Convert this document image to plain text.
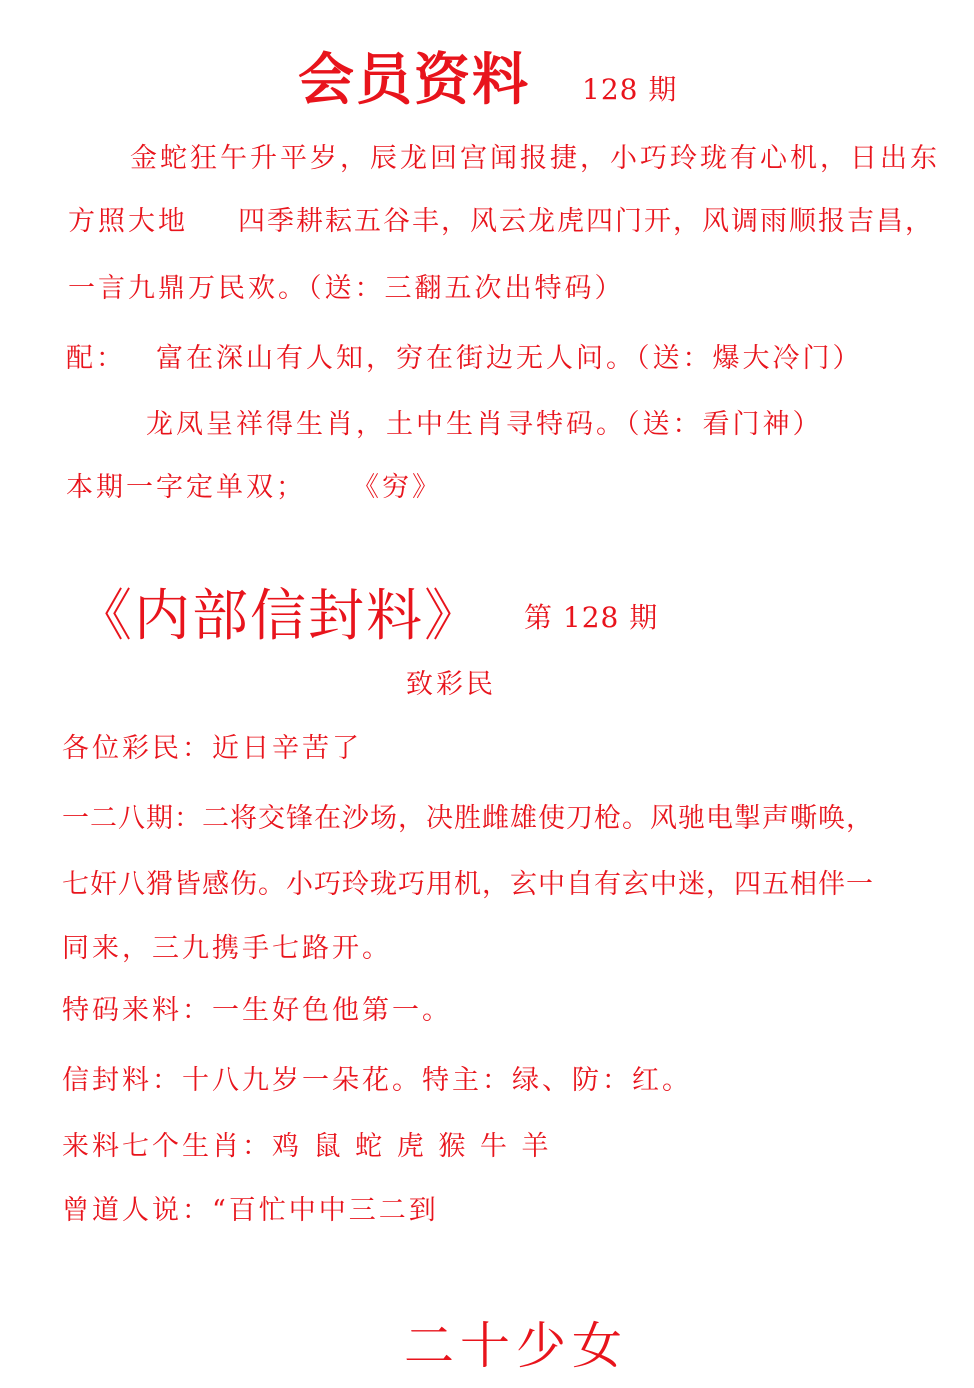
会员资料 128 期
金蛇狂午升平岁，辰龙回宫闻报捷，小巧玲珑有心机，日出东
方照大地 四季耕耘五谷丰，风云龙虎四门开，风调雨顺报吉昌，
一言九鼎万民欢。（送：三翻五次出特码）
配： 富在深山有人知，穷在街边无人问。（送：爆大冷门）
龙凤呈祥得生肖，土中生肖寻特码。（送：看门神）
本期一字定单双； 《穷》
《内部信封料》 第 128 期
致彩民
各位彩民：近日辛苦了
一二八期：二将交锋在沙场，决胜雌雄使刀枪。风驰电掣声嘶唤，
七奸八猾皆感伤。小巧玲珑巧用机，玄中自有玄中迷，四五相伴一
同来，三九携手七路开。
特码来料：一生好色他第一。
信封料：十八九岁一朵花。特主：绿、防：红。
来料七个生肖：鸡 鼠 蛇 虎 猴 牛 羊
曾道人说：“百忙中中三二到
二十少女
